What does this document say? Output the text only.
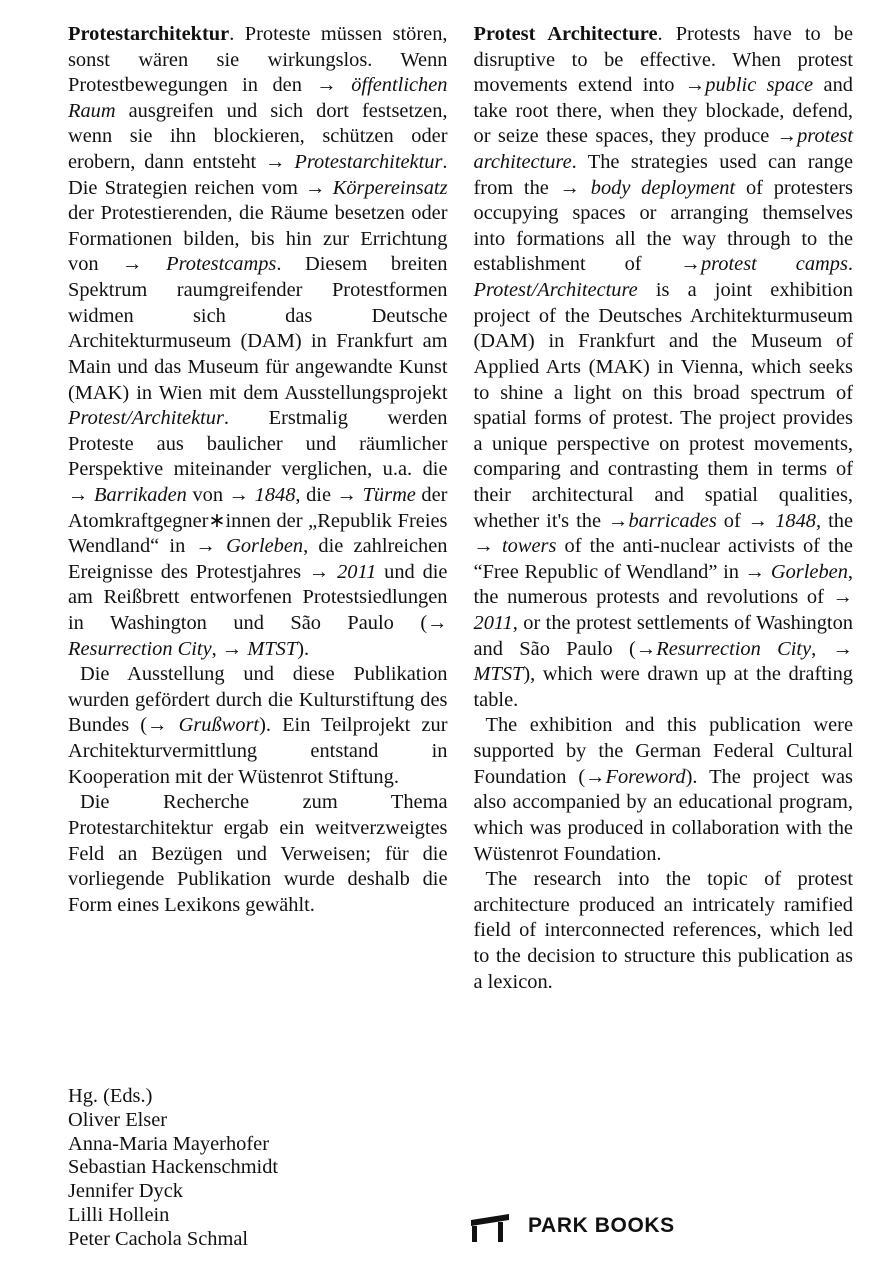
Protestarchitektur. Proteste müssen stören, sonst wären sie wirkungslos. Wenn Protestbewegungen in den → öffentlichen Raum ausgreifen und sich dort festsetzen, wenn sie ihn blockieren, schützen oder erobern, dann entsteht → Protestarchitektur. Die Strategien reichen vom → Körpereinsatz der Protestierenden, die Räume besetzen oder Formationen bilden, bis hin zur Errichtung von → Protestcamps. Diesem breiten Spektrum raumgreifender Protestformen widmen sich das Deutsche Architekturmuseum (DAM) in Frankfurt am Main und das Museum für angewandte Kunst (MAK) in Wien mit dem Ausstellungsprojekt Protest/Architektur. Erstmalig werden Proteste aus baulicher und räumlicher Perspektive miteinander verglichen, u.a. die → Barrikaden von → 1848, die → Türme der Atomkraftgegner∗innen der „Republik Freies Wendland“ in → Gorleben, die zahlreichen Ereignisse des Protestjahres → 2011 und die am Reißbrett entworfenen Protestsiedlungen in Washington und São Paulo (→ Resurrection City, → MTST).

Die Ausstellung und diese Publikation wurden gefördert durch die Kulturstiftung des Bundes (→ Grußwort). Ein Teilprojekt zur Architekturvermittlung entstand in Kooperation mit der Wüstenrot Stiftung.

Die Recherche zum Thema Protestarchitektur ergab ein weitverzweigtes Feld an Bezügen und Verweisen; für die vorliegende Publikation wurde deshalb die Form eines Lexikons gewählt.

Protest Architecture. Protests have to be disruptive to be effective. When protest movements extend into →public space and take root there, when they blockade, defend, or seize these spaces, they produce →protest architecture. The strategies used can range from the → body deployment of protesters occupying spaces or arranging themselves into formations all the way through to the establishment of →protest camps. Protest/Architecture is a joint exhibition project of the Deutsches Architekturmuseum (DAM) in Frankfurt and the Museum of Applied Arts (MAK) in Vienna, which seeks to shine a light on this broad spectrum of spatial forms of protest. The project provides a unique perspective on protest movements, comparing and contrasting them in terms of their architectural and spatial qualities, whether it's the →barricades of → 1848, the → towers of the anti-nuclear activists of the “Free Republic of Wendland” in → Gorleben, the numerous protests and revolutions of → 2011, or the protest settlements of Washington and São Paulo (→Resurrection City, → MTST), which were drawn up at the drafting table.

The exhibition and this publication were supported by the German Federal Cultural Foundation (→Foreword). The project was also accompanied by an educational program, which was produced in collaboration with the Wüstenrot Foundation.

The research into the topic of protest architecture produced an intricately ramified field of interconnected references, which led to the decision to structure this publication as a lexicon.

Hg. (Eds.)
Oliver Elser
Anna-Maria Mayerhofer
Sebastian Hackenschmidt
Jennifer Dyck
Lilli Hollein
Peter Cachola Schmal
PARK BOOKS
